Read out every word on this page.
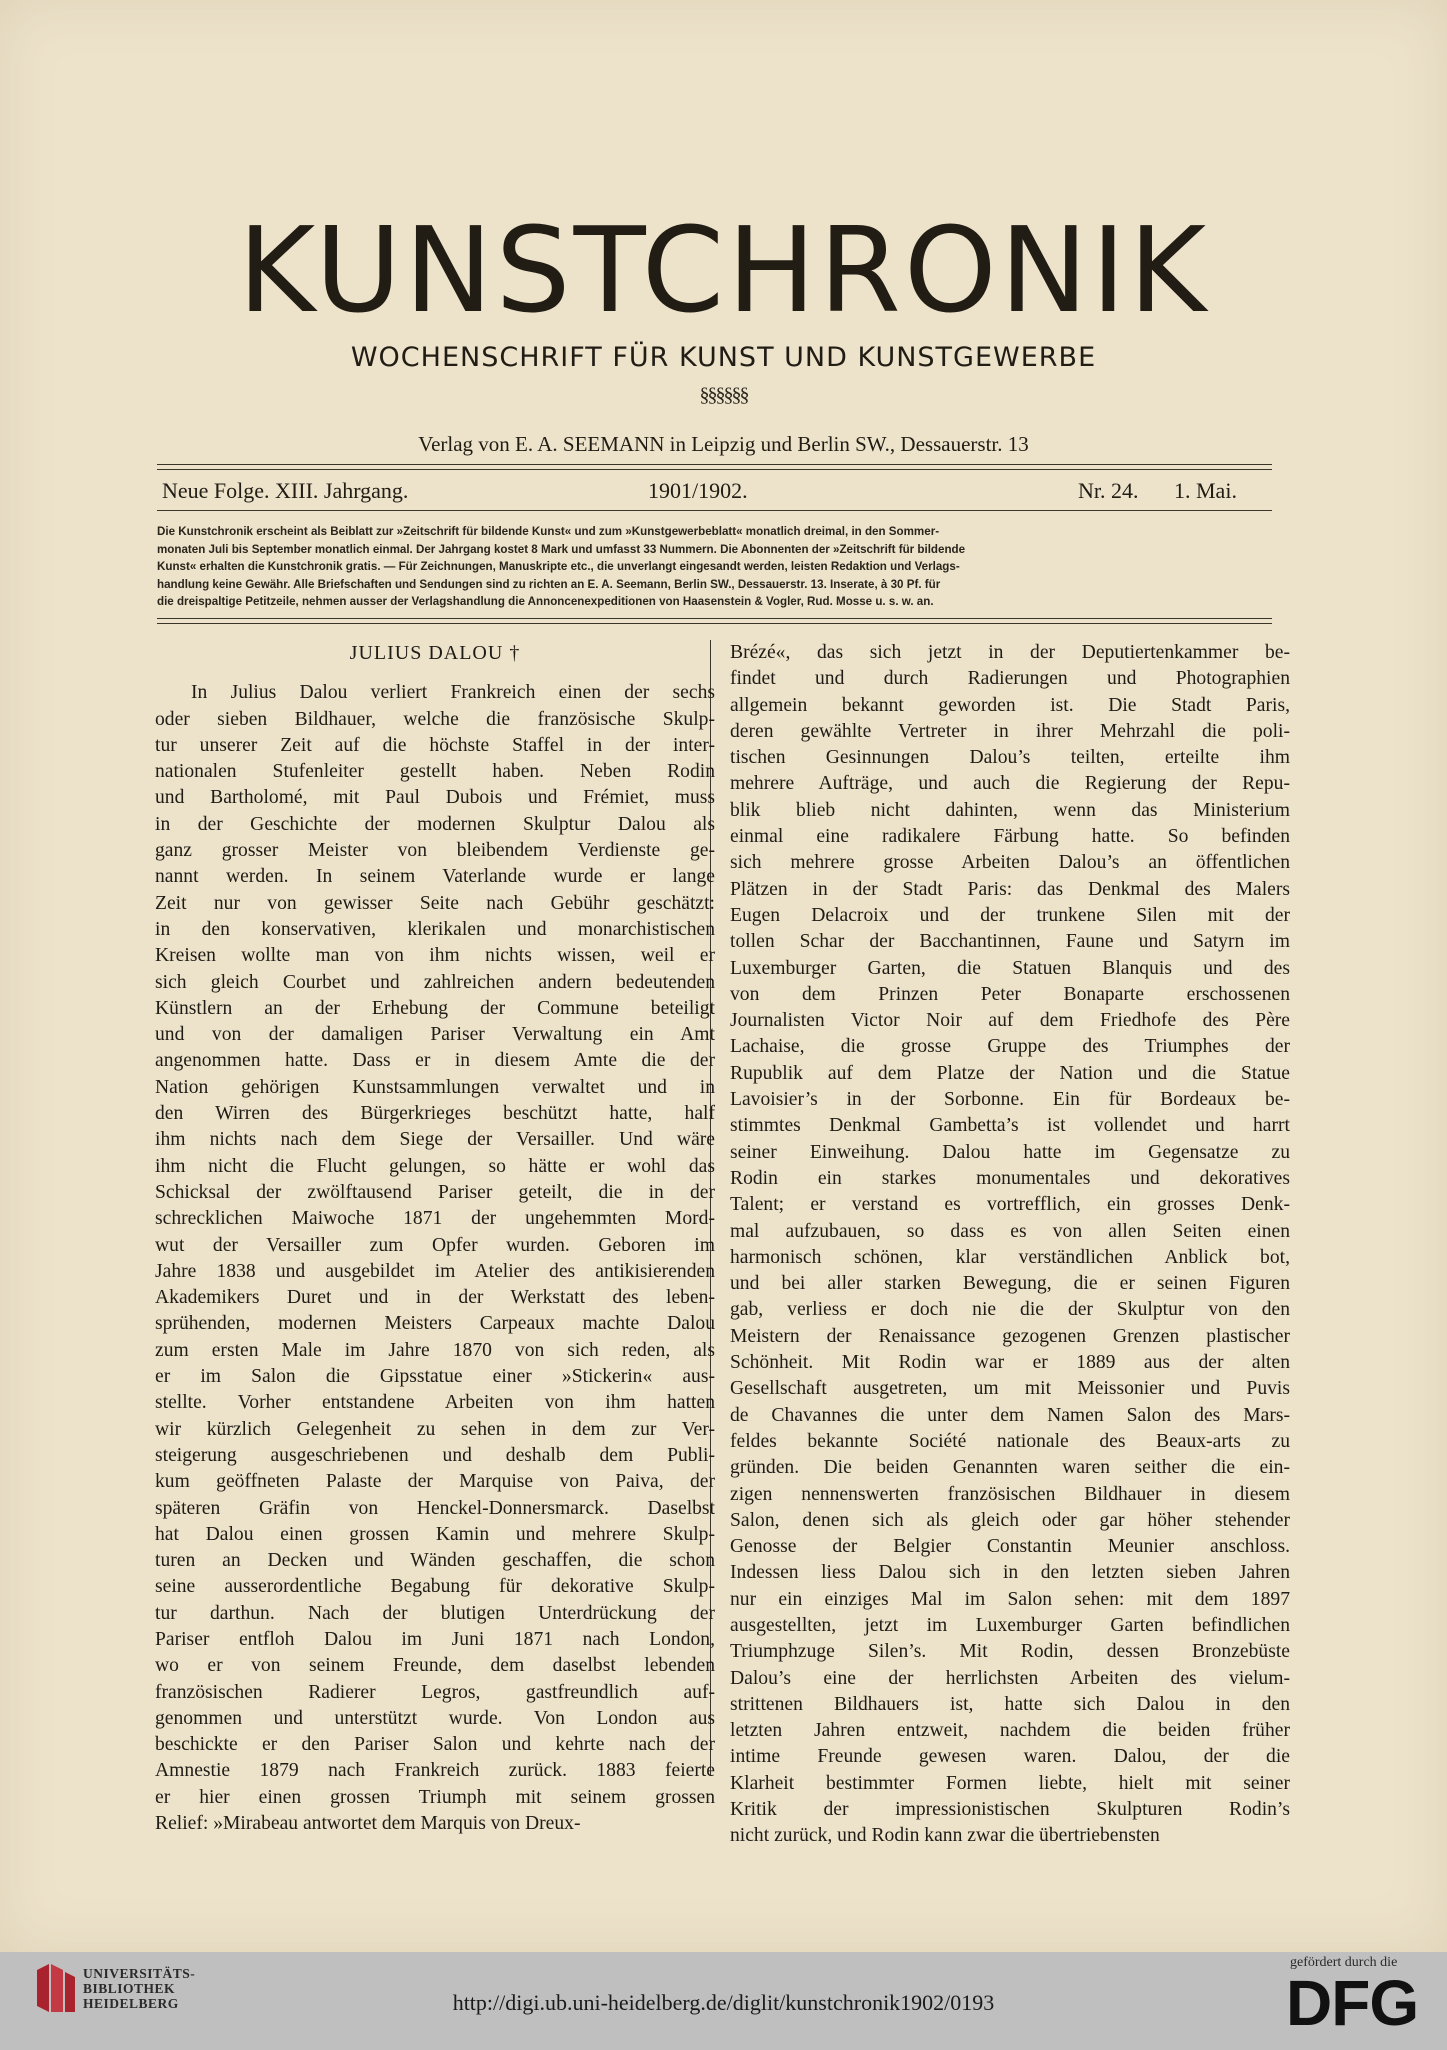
KUNSTCHRONIK
WOCHENSCHRIFT FÜR KUNST UND KUNSTGEWERBE
§§§§§§
Verlag von E. A. SEEMANN in Leipzig und Berlin SW., Dessauerstr. 13
Neue Folge. XIII. Jahrgang.	1901/1902.	Nr. 24. 1. Mai.
Die Kunstchronik erscheint als Beiblatt zur »Zeitschrift für bildende Kunst« und zum »Kunstgewerbeblatt« monatlich dreimal, in den Sommer-
monaten Juli bis September monatlich einmal. Der Jahrgang kostet 8 Mark und umfasst 33 Nummern. Die Abonnenten der »Zeitschrift für bildende
Kunst« erhalten die Kunstchronik gratis. — Für Zeichnungen, Manuskripte etc., die unverlangt eingesandt werden, leisten Redaktion und Verlags-
handlung keine Gewähr. Alle Briefschaften und Sendungen sind zu richten an E. A. Seemann, Berlin SW., Dessauerstr. 13. Inserate, à 30 Pf. für
die dreispaltige Petitzeile, nehmen ausser der Verlagshandlung die Annoncenexpeditionen von Haasenstein & Vogler, Rud. Mosse u. s. w. an.
JULIUS DALOU †
In Julius Dalou verliert Frankreich einen der sechs
oder sieben Bildhauer, welche die französische Skulp-
tur unserer Zeit auf die höchste Staffel in der inter-
nationalen Stufenleiter gestellt haben. Neben Rodin
und Bartholomé, mit Paul Dubois und Frémiet, muss
in der Geschichte der modernen Skulptur Dalou als
ganz grosser Meister von bleibendem Verdienste ge-
nannt werden. In seinem Vaterlande wurde er lange
Zeit nur von gewisser Seite nach Gebühr geschätzt:
in den konservativen, klerikalen und monarchistischen
Kreisen wollte man von ihm nichts wissen, weil er
sich gleich Courbet und zahlreichen andern bedeutenden
Künstlern an der Erhebung der Commune beteiligt
und von der damaligen Pariser Verwaltung ein Amt
angenommen hatte. Dass er in diesem Amte die der
Nation gehörigen Kunstsammlungen verwaltet und in
den Wirren des Bürgerkrieges beschützt hatte, half
ihm nichts nach dem Siege der Versailler. Und wäre
ihm nicht die Flucht gelungen, so hätte er wohl das
Schicksal der zwölftausend Pariser geteilt, die in der
schrecklichen Maiwoche 1871 der ungehemmten Mord-
wut der Versailler zum Opfer wurden. Geboren im
Jahre 1838 und ausgebildet im Atelier des antikisierenden
Akademikers Duret und in der Werkstatt des leben-
sprühenden, modernen Meisters Carpeaux machte Dalou
zum ersten Male im Jahre 1870 von sich reden, als
er im Salon die Gipsstatue einer »Stickerin« aus-
stellte. Vorher entstandene Arbeiten von ihm hatten
wir kürzlich Gelegenheit zu sehen in dem zur Ver-
steigerung ausgeschriebenen und deshalb dem Publi-
kum geöffneten Palaste der Marquise von Paiva, der
späteren Gräfin von Henckel-Donnersmarck. Daselbst
hat Dalou einen grossen Kamin und mehrere Skulp-
turen an Decken und Wänden geschaffen, die schon
seine ausserordentliche Begabung für dekorative Skulp-
tur darthun. Nach der blutigen Unterdrückung der
Pariser entfloh Dalou im Juni 1871 nach London,
wo er von seinem Freunde, dem daselbst lebenden
französischen Radierer Legros, gastfreundlich auf-
genommen und unterstützt wurde. Von London aus
beschickte er den Pariser Salon und kehrte nach der
Amnestie 1879 nach Frankreich zurück. 1883 feierte
er hier einen grossen Triumph mit seinem grossen
Relief: »Mirabeau antwortet dem Marquis von Dreux-
Brézé«, das sich jetzt in der Deputiertenkammer be-
findet und durch Radierungen und Photographien
allgemein bekannt geworden ist. Die Stadt Paris,
deren gewählte Vertreter in ihrer Mehrzahl die poli-
tischen Gesinnungen Dalou’s teilten, erteilte ihm
mehrere Aufträge, und auch die Regierung der Repu-
blik blieb nicht dahinten, wenn das Ministerium
einmal eine radikalere Färbung hatte. So befinden
sich mehrere grosse Arbeiten Dalou’s an öffentlichen
Plätzen in der Stadt Paris: das Denkmal des Malers
Eugen Delacroix und der trunkene Silen mit der
tollen Schar der Bacchantinnen, Faune und Satyrn im
Luxemburger Garten, die Statuen Blanquis und des
von dem Prinzen Peter Bonaparte erschossenen
Journalisten Victor Noir auf dem Friedhofe des Père
Lachaise, die grosse Gruppe des Triumphes der
Rupublik auf dem Platze der Nation und die Statue
Lavoisier’s in der Sorbonne. Ein für Bordeaux be-
stimmtes Denkmal Gambetta’s ist vollendet und harrt
seiner Einweihung. Dalou hatte im Gegensatze zu
Rodin ein starkes monumentales und dekoratives
Talent; er verstand es vortrefflich, ein grosses Denk-
mal aufzubauen, so dass es von allen Seiten einen
harmonisch schönen, klar verständlichen Anblick bot,
und bei aller starken Bewegung, die er seinen Figuren
gab, verliess er doch nie die der Skulptur von den
Meistern der Renaissance gezogenen Grenzen plastischer
Schönheit. Mit Rodin war er 1889 aus der alten
Gesellschaft ausgetreten, um mit Meissonier und Puvis
de Chavannes die unter dem Namen Salon des Mars-
feldes bekannte Société nationale des Beaux-arts zu
gründen. Die beiden Genannten waren seither die ein-
zigen nennenswerten französischen Bildhauer in diesem
Salon, denen sich als gleich oder gar höher stehender
Genosse der Belgier Constantin Meunier anschloss.
Indessen liess Dalou sich in den letzten sieben Jahren
nur ein einziges Mal im Salon sehen: mit dem 1897
ausgestellten, jetzt im Luxemburger Garten befindlichen
Triumphzuge Silen’s. Mit Rodin, dessen Bronzebüste
Dalou’s eine der herrlichsten Arbeiten des vielum-
strittenen Bildhauers ist, hatte sich Dalou in den
letzten Jahren entzweit, nachdem die beiden früher
intime Freunde gewesen waren. Dalou, der die
Klarheit bestimmter Formen liebte, hielt mit seiner
Kritik der impressionistischen Skulpturen Rodin’s
nicht zurück, und Rodin kann zwar die übertriebensten
UNIVERSITÄTS-
BIBLIOTHEK
HEIDELBERG	http://digi.ub.uni-heidelberg.de/diglit/kunstchronik1902/0193
gefördert durch die
DFG
